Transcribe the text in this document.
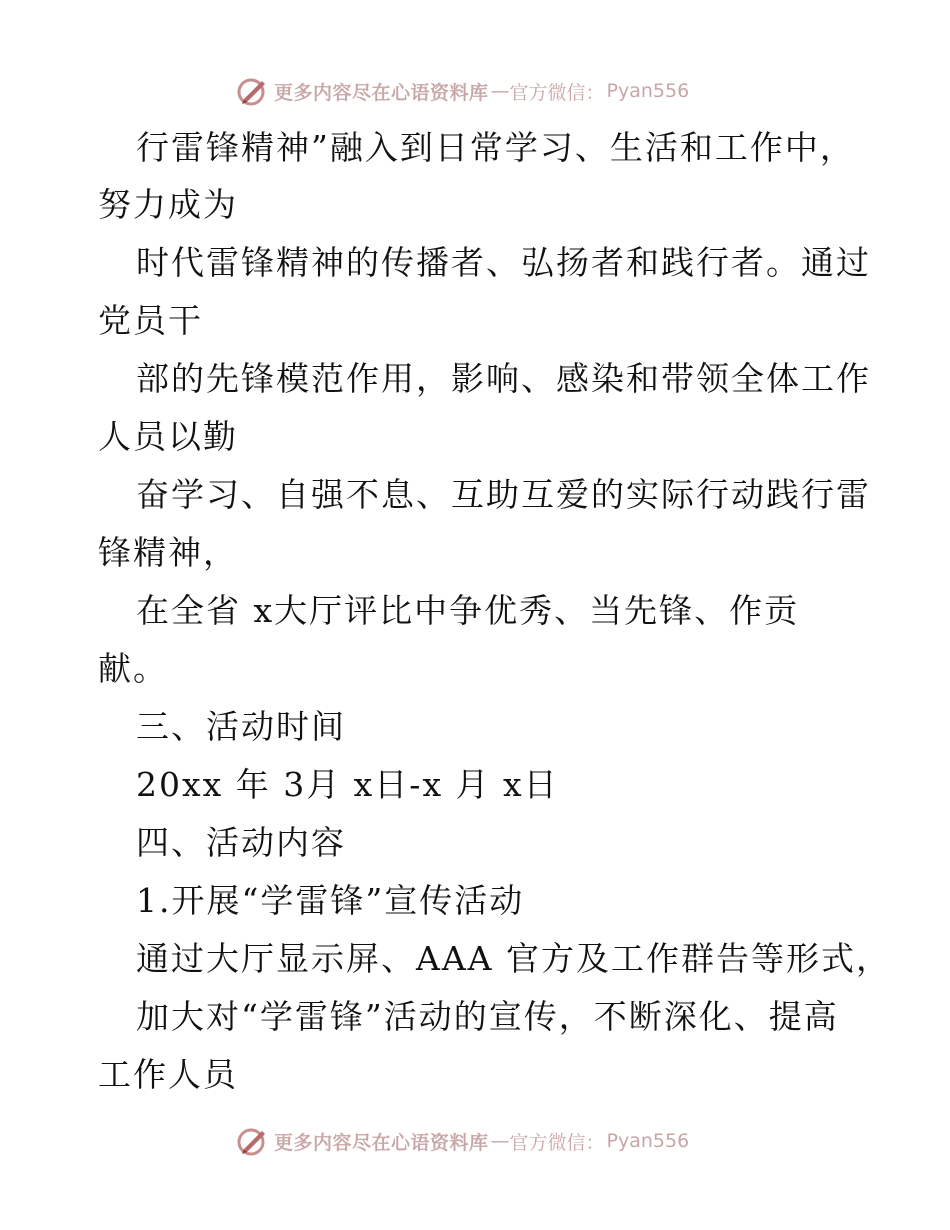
更多内容尽在心语资料库 — 官方微信： Pyan556
行雷锋精神”融入到日常学习、生活和工作中，
努力成为
时代雷锋精神的传播者、弘扬者和践行者。通过
党员干
部的先锋模范作用，影响、感染和带领全体工作
人员以勤
奋学习、自强不息、互助互爱的实际行动践行雷
锋精神，
在全省 x大厅评比中争优秀、当先锋、作贡
献。
三、活动时间
20xx 年 3月 x日-x 月 x日
四、活动内容
1.开展“学雷锋”宣传活动
通过大厅显示屏、AAA 官方及工作群告等形式，
加大对“学雷锋”活动的宣传，不断深化、提高
工作人员
更多内容尽在心语资料库 — 官方微信： Pyan556
